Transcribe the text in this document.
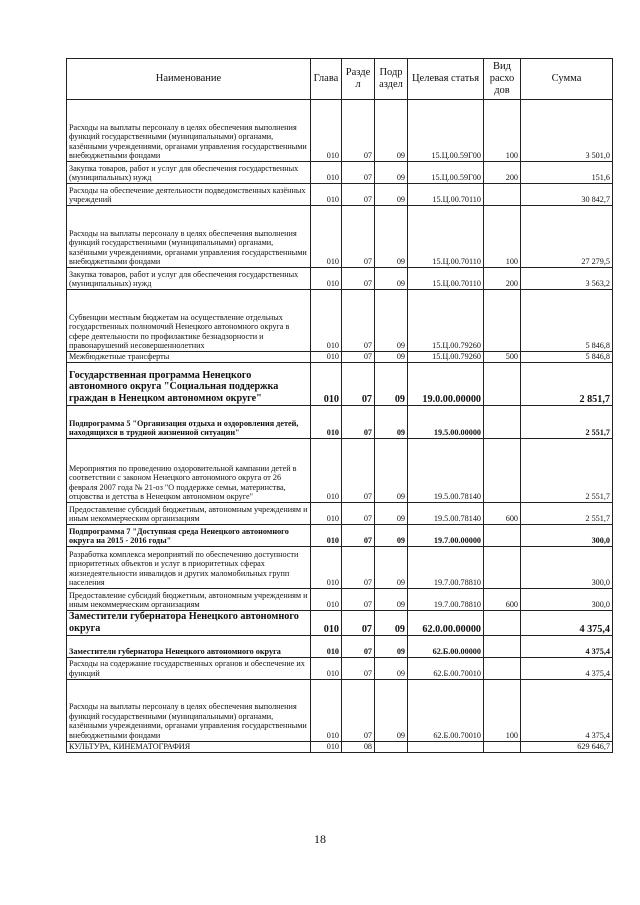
Наименование	Глава	Разде л	Подр аздел	Целевая статья	Вид расхо дов	Сумма
Расходы на выплаты персоналу в целях обеспечения выполнения функций государственными (муниципальными) органами, казёнными учреждениями, органами управления государственными внебюджетными фондами	010	07	09	15.Ц.00.59Г00	100	3 501,0
Закупка товаров, работ и услуг для обеспечения государственных (муниципальных) нужд	010	07	09	15.Ц.00.59Г00	200	151,6
Расходы на обеспечение деятельности подведомственных казённых учреждений	010	07	09	15.Ц.00.70110		30 842,7
Расходы на выплаты персоналу в целях обеспечения выполнения функций государственными (муниципальными) органами, казёнными учреждениями, органами управления государственными внебюджетными фондами	010	07	09	15.Ц.00.70110	100	27 279,5
Закупка товаров, работ и услуг для обеспечения государственных (муниципальных) нужд	010	07	09	15.Ц.00.70110	200	3 563,2
Субвенции местным бюджетам на осуществление отдельных государственных полномочий Ненецкого автономного округа в сфере деятельности по профилактике безнадзорности и правонарушений несовершеннолетних	010	07	09	15.Ц.00.79260		5 846,8
Межбюджетные трансферты	010	07	09	15.Ц.00.79260	500	5 846,8
Государственная программа Ненецкого автономного округа "Социальная поддержка граждан в Ненецком автономном округе"	010	07	09	19.0.00.00000		2 851,7
Подпрограмма 5 "Организация отдыха и оздоровления детей, находящихся в трудной жизненной ситуации"	010	07	09	19.5.00.00000		2 551,7
Мероприятия по проведению оздоровительной кампании детей в соответствии с законом Ненецкого автономного округа от 26 февраля 2007 года № 21-оз "О поддержке семьи, материнства, отцовства и детства в Ненецком автономном округе"	010	07	09	19.5.00.78140		2 551,7
Предоставление субсидий бюджетным, автономным учреждениям и иным некоммерческим организациям	010	07	09	19.5.00.78140	600	2 551,7
Подпрограмма 7 "Доступная среда Ненецкого автономного округа на 2015 - 2016 годы"	010	07	09	19.7.00.00000		300,0
Разработка комплекса мероприятий по обеспечению доступности приоритетных объектов и услуг в приоритетных сферах жизнедеятельности инвалидов и других маломобильных групп населения	010	07	09	19.7.00.78810		300,0
Предоставление субсидий бюджетным, автономным учреждениям и иным некоммерческим организациям	010	07	09	19.7.00.78810	600	300,0
Заместители губернатора Ненецкого автономного округа	010	07	09	62.0.00.00000		4 375,4
Заместители губернатора Ненецкого автономного округа	010	07	09	62.Б.00.00000		4 375,4
Расходы на содержание государственных органов и обеспечение их функций	010	07	09	62.Б.00.70010		4 375,4
Расходы на выплаты персоналу в целях обеспечения выполнения функций государственными (муниципальными) органами, казёнными учреждениями, органами управления государственными внебюджетными фондами	010	07	09	62.Б.00.70010	100	4 375,4
КУЛЬТУРА, КИНЕМАТОГРАФИЯ	010	08				629 646,7
18
